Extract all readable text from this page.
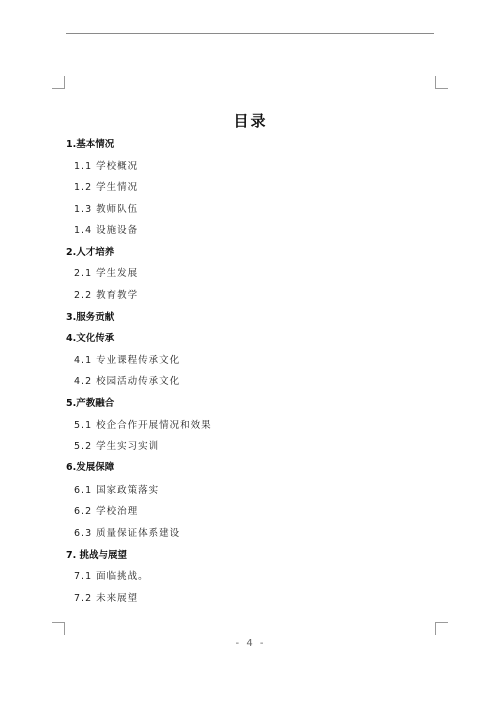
目录
1.基本情况
1.1 学校概况
1.2 学生情况
1.3 教师队伍
1.4 设施设备
2.人才培养
2.1 学生发展
2.2 教育教学
3.服务贡献
4.文化传承
4.1 专业课程传承文化
4.2 校园活动传承文化
5.产教融合
5.1 校企合作开展情况和效果
5.2 学生实习实训
6.发展保障
6.1 国家政策落实
6.2 学校治理
6.3 质量保证体系建设
7. 挑战与展望
7.1 面临挑战。
7.2 未来展望
- 4 -
